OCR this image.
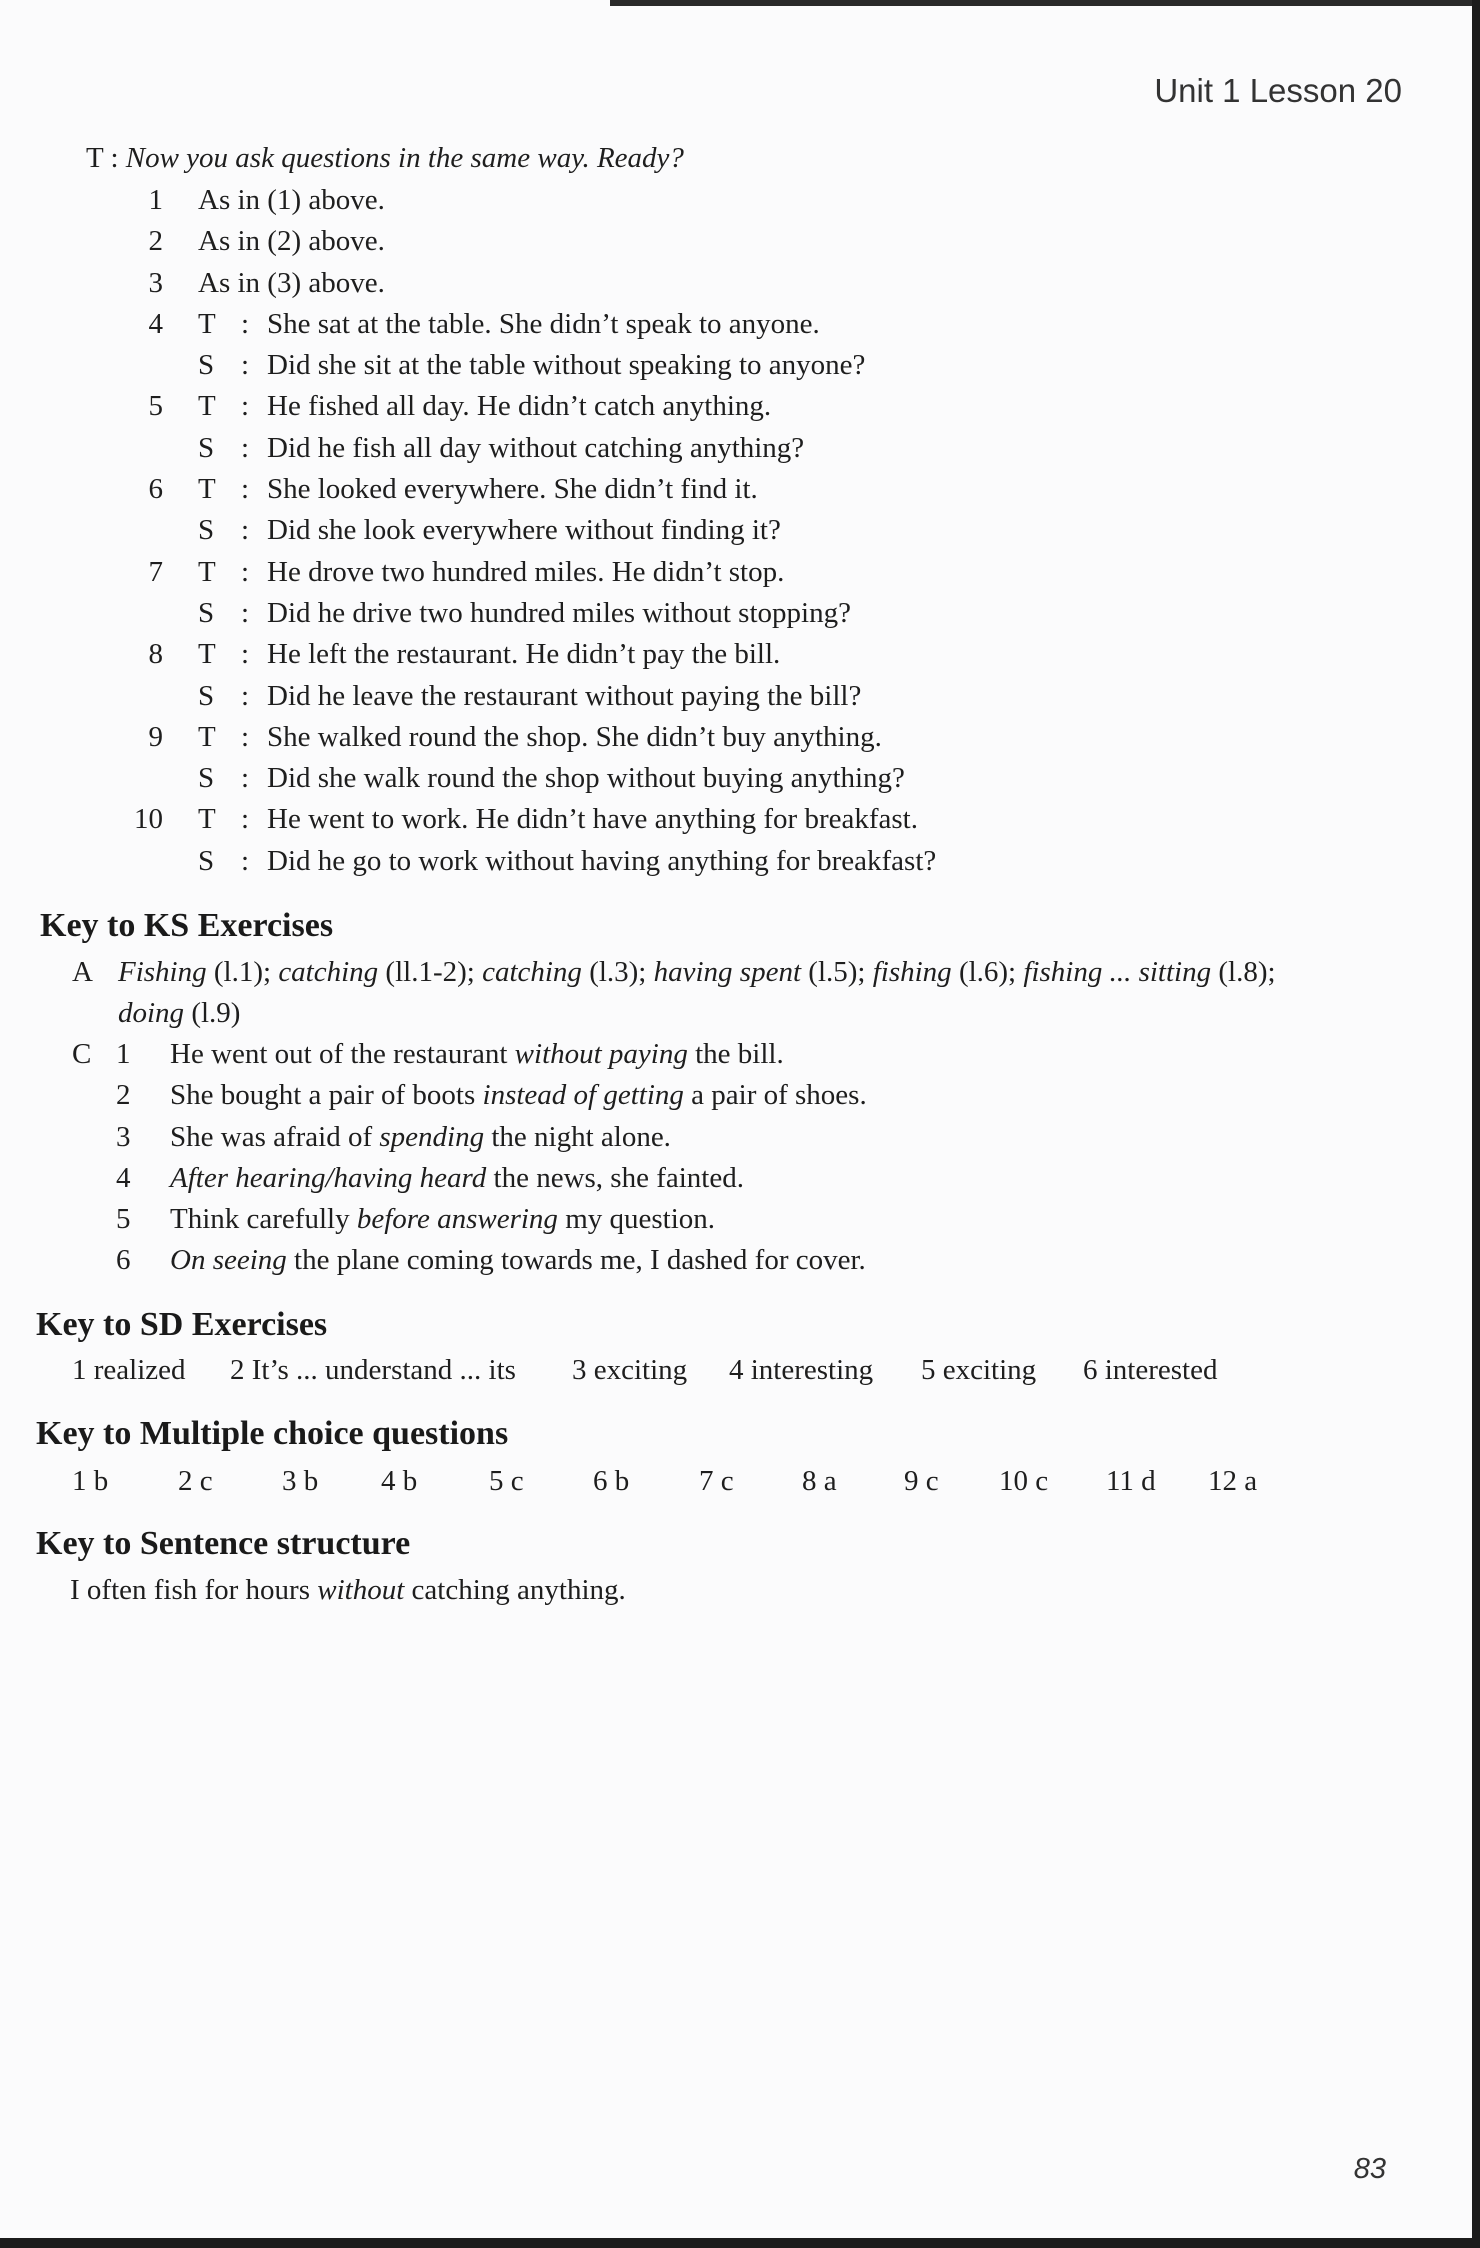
Unit 1 Lesson 20
T : Now you ask questions in the same way. Ready?
1 As in (1) above.
2 As in (2) above.
3 As in (3) above.
4 T : She sat at the table. She didn’t speak to anyone.
S : Did she sit at the table without speaking to anyone?
5 T : He fished all day. He didn’t catch anything.
S : Did he fish all day without catching anything?
6 T : She looked everywhere. She didn’t find it.
S : Did she look everywhere without finding it?
7 T : He drove two hundred miles. He didn’t stop.
S : Did he drive two hundred miles without stopping?
8 T : He left the restaurant. He didn’t pay the bill.
S : Did he leave the restaurant without paying the bill?
9 T : She walked round the shop. She didn’t buy anything.
S : Did she walk round the shop without buying anything?
10 T : He went to work. He didn’t have anything for breakfast.
S : Did he go to work without having anything for breakfast?
Key to KS Exercises
A Fishing (l.1); catching (ll.1-2); catching (l.3); having spent (l.5); fishing (l.6); fishing ... sitting (l.8);
doing (l.9)
C 1 He went out of the restaurant without paying the bill.
2 She bought a pair of boots instead of getting a pair of shoes.
3 She was afraid of spending the night alone.
4 After hearing/having heard the news, she fainted.
5 Think carefully before answering my question.
6 On seeing the plane coming towards me, I dashed for cover.
Key to SD Exercises
1 realized 2 It’s ... understand ... its 3 exciting 4 interesting 5 exciting 6 interested
Key to Multiple choice questions
1 b 2 c 3 b 4 b 5 c 6 b 7 c 8 a 9 c 10 c 11 d 12 a
Key to Sentence structure
I often fish for hours without catching anything.
83
